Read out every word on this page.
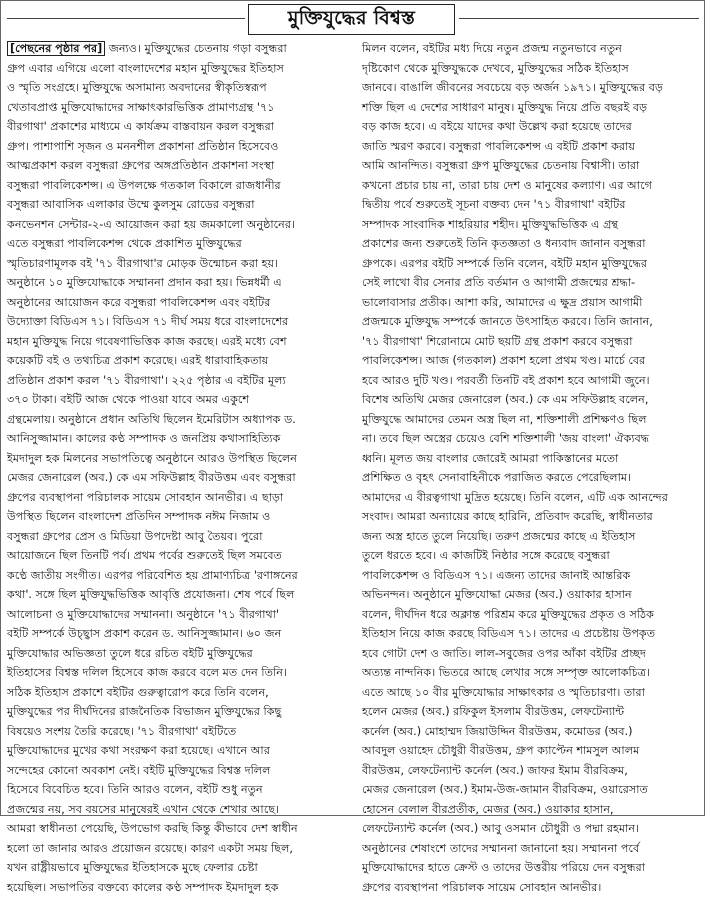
মুক্তিযুদ্ধের বিশ্বস্ত
[পেছনের পৃষ্ঠার পর] জন্যও। মুক্তিযুদ্ধের চেতনায় গড়া বসুন্ধরা
গ্রুপ এবার এগিয়ে এলো বাংলাদেশের মহান মুক্তিযুদ্ধের ইতিহাস
ও স্মৃতি সংগ্রহে। মুক্তিযুদ্ধে অসামান্য অবদানের স্বীকৃতিস্বরূপ
খেতাবপ্রাপ্ত মুক্তিযোদ্ধাদের সাক্ষাৎকারভিত্তিক প্রামাণ্যগ্রন্থ '৭১
বীরগাথা' প্রকাশের মাধ্যমে এ কার্যক্রম বাস্তবায়ন করল বসুন্ধরা
গ্রুপ। পাশাপাশি সৃজন ও মননশীল প্রকাশনা প্রতিষ্ঠান হিসেবেও
আত্মপ্রকাশ করল বসুন্ধরা গ্রুপের অঙ্গপ্রতিষ্ঠান প্রকাশনা সংস্থা
বসুন্ধরা পাবলিকেশন্স। এ উপলক্ষে গতকাল বিকালে রাজধানীর
বসুন্ধরা আবাসিক এলাকার উম্মে কুলসুম রোডের বসুন্ধরা
কনভেনশন সেন্টার-২-এ আয়োজন করা হয় জমকালো অনুষ্ঠানের।
এতে বসুন্ধরা পাবলিকেশন্স থেকে প্রকাশিত মুক্তিযুদ্ধের
স্মৃতিচারণামূলক বই '৭১ বীরগাথা'র মোড়ক উন্মোচন করা হয়।
অনুষ্ঠানে ১০ মুক্তিযোদ্ধাকে সম্মাননা প্রদান করা হয়। ভিন্নধর্মী এ
অনুষ্ঠানের আয়োজন করে বসুন্ধরা পাবলিকেশন্স এবং বইটির
উদ্যোক্তা বিডিএস ৭১। বিডিএস ৭১ দীর্ঘ সময় ধরে বাংলাদেশের
মহান মুক্তিযুদ্ধ নিয়ে গবেষণাভিত্তিক কাজ করছে। এরই মধ্যে বেশ
কয়েকটি বই ও তথ্যচিত্র প্রকাশ করেছে। এরই ধারাবাহিকতায়
প্রতিষ্ঠান প্রকাশ করল '৭১ বীরগাথা'। ২২৫ পৃষ্ঠার এ বইটির মূল্য
৩৭০ টাকা। বইটি আজ থেকে পাওয়া যাবে অমর একুশে
গ্রন্থমেলায়। অনুষ্ঠানে প্রধান অতিথি ছিলেন ইমেরিটাস অধ্যাপক ড.
আনিসুজ্জামান। কালের কণ্ঠ সম্পাদক ও জনপ্রিয় কথাসাহিত্যিক
ইমদাদুল হক মিলনের সভাপতিত্বে অনুষ্ঠানে আরও উপস্থিত ছিলেন
মেজর জেনারেল (অব.) কে এম সফিউল্লাহ বীরউত্তম এবং বসুন্ধরা
গ্রুপের ব্যবস্থাপনা পরিচালক সায়েম সোবহান আনভীর। এ ছাড়া
উপস্থিত ছিলেন বাংলাদেশ প্রতিদিন সম্পাদক নঈম নিজাম ও
বসুন্ধরা গ্রুপের প্রেস ও মিডিয়া উপদেষ্টা আবু তৈয়ব। পুরো
আয়োজনে ছিল তিনটি পর্ব। প্রথম পর্বের শুরুতেই ছিল সমবেত
কণ্ঠে জাতীয় সংগীত। এরপর পরিবেশিত হয় প্রামাণ্যচিত্র 'রণাঙ্গনের
কথা'. সঙ্গে ছিল মুক্তিযুদ্ধভিত্তিক আবৃত্তি প্রযোজনা। শেষ পর্বে ছিল
আলোচনা ও মুক্তিযোদ্ধাদের সম্মাননা। অনুষ্ঠানে '৭১ বীরগাথা'
বইটি সম্পর্কে উচ্ছ্বাস প্রকাশ করেন ড. আনিসুজ্জামান। ৬০ জন
মুক্তিযোদ্ধার অভিজ্ঞতা তুলে ধরে রচিত বইটি মুক্তিযুদ্ধের
ইতিহাসের বিশ্বস্ত দলিল হিসেবে কাজ করবে বলে মত দেন তিনি।
সঠিক ইতিহাস প্রকাশে বইটির গুরুত্বারোপ করে তিনি বলেন,
মুক্তিযুদ্ধের পর দীর্ঘদিনের রাজনৈতিক বিভাজন মুক্তিযুদ্ধের কিছু
বিষয়েও সংশয় তৈরি করেছে। '৭১ বীরগাথা' বইটিতে
মুক্তিযোদ্ধাদের মুখের কথা সংরক্ষণ করা হয়েছে। এখানে আর
সন্দেহের কোনো অবকাশ নেই। বইটি মুক্তিযুদ্ধের বিশ্বস্ত দলিল
হিসেবে বিবেচিত হবে। তিনি আরও বলেন, বইটি শুধু নতুন
প্রজন্মের নয়, সব বয়সের মানুষেরই এখান থেকে শেখার আছে।
আমরা স্বাধীনতা পেয়েছি, উপভোগ করছি কিন্তু কীভাবে দেশ স্বাধীন
হলো তা জানার আরও প্রয়োজন রয়েছে। কারণ একটা সময় ছিল,
যখন রাষ্ট্রীয়ভাবে মুক্তিযুদ্ধের ইতিহাসকে মুছে ফেলার চেষ্টা
হয়েছিল। সভাপতির বক্তব্যে কালের কণ্ঠ সম্পাদক ইমদাদুল হক
মিলন বলেন, বইটির মধ্য দিয়ে নতুন প্রজন্ম নতুনভাবে নতুন
দৃষ্টিকোণ থেকে মুক্তিযুদ্ধকে দেখবে, মুক্তিযুদ্ধের সঠিক ইতিহাস
জানবে। বাঙালি জীবনের সবচেয়ে বড় অর্জন ১৯৭১। মুক্তিযুদ্ধের বড়
শক্তি ছিল এ দেশের সাধারণ মানুষ। মুক্তিযুদ্ধ নিয়ে প্রতি বছরই বড়
বড় কাজ হবে। এ বইয়ে যাদের কথা উল্লেখ করা হয়েছে তাদের
জাতি স্মরণ করবে। বসুন্ধরা পাবলিকেশন্স এ বইটি প্রকাশ করায়
আমি আনন্দিত। বসুন্ধরা গ্রুপ মুক্তিযুদ্ধের চেতনায় বিশ্বাসী। তারা
কখনো প্রচার চায় না, তারা চায় দেশ ও মানুষের কল্যাণ। এর আগে
দ্বিতীয় পর্বে শুরুতেই সূচনা বক্তব্য দেন '৭১ বীরগাথা' বইটির
সম্পাদক সাংবাদিক শাহরিয়ার শহীদ। মুক্তিযুদ্ধভিত্তিক এ গ্রন্থ
প্রকাশের জন্য শুরুতেই তিনি কৃতজ্ঞতা ও ধন্যবাদ জানান বসুন্ধরা
গ্রুপকে। এরপর বইটি সম্পর্কে তিনি বলেন, বইটি মহান মুক্তিযুদ্ধের
সেই লাখো বীর সেনার প্রতি বর্তমান ও আগামী প্রজন্মের শ্রদ্ধা-
ভালোবাসার প্রতীক। আশা করি, আমাদের এ ক্ষুদ্র প্রয়াস আগামী
প্রজন্মকে মুক্তিযুদ্ধ সম্পর্কে জানতে উৎসাহিত করবে। তিনি জানান,
'৭১ বীরগাথা' শিরোনামে মোট ছয়টি গ্রন্থ প্রকাশ করবে বসুন্ধরা
পাবলিকেশন্স। আজ (গতকাল) প্রকাশ হলো প্রথম খণ্ড। মার্চে বের
হবে আরও দুটি খণ্ড। পরবর্তী তিনটি বই প্রকাশ হবে আগামী জুনে।
বিশেষ অতিথি মেজর জেনারেল (অব.) কে এম সফিউল্লাহ বলেন,
মুক্তিযুদ্ধে আমাদের তেমন অস্ত্র ছিল না, শক্তিশালী প্রশিক্ষণও ছিল
না। তবে ছিল অস্ত্রের চেয়েও বেশি শক্তিশালী 'জয় বাংলা' ঐক্যবদ্ধ
ধ্বনি। মূলত জয় বাংলার জোরেই আমরা পাকিস্তানের মতো
প্রশিক্ষিত ও বৃহৎ সেনাবাহিনীকে পরাজিত করতে পেরেছিলাম।
আমাদের এ বীরত্বগাথা মুদ্রিত হয়েছে। তিনি বলেন, এটি এক আনন্দের
সংবাদ। আমরা অন্যায়ের কাছে হারিনি, প্রতিবাদ করেছি, স্বাধীনতার
জন্য অস্ত্র হাতে তুলে নিয়েছি। তরুণ প্রজন্মের কাছে এ ইতিহাস
তুলে ধরতে হবে। এ কাজটিই নিষ্ঠার সঙ্গে করেছে বসুন্ধরা
পাবলিকেশন্স ও বিডিএস ৭১। এজন্য তাদের জানাই আন্তরিক
অভিনন্দন। অনুষ্ঠানে মুক্তিযোদ্ধা মেজর (অব.) ওয়াকার হাসান
বলেন, দীর্ঘদিন ধরে অক্লান্ত পরিশ্রম করে মুক্তিযুদ্ধের প্রকৃত ও সঠিক
ইতিহাস নিয়ে কাজ করছে বিডিএস ৭১। তাদের এ প্রচেষ্টায় উপকৃত
হবে গোটা দেশ ও জাতি। লাল-সবুজের ওপর আঁকা বইটির প্রচ্ছদ
অত্যন্ত নান্দনিক। ভিতরে আছে লেখার সঙ্গে সম্পৃক্ত আলোকচিত্র।
এতে আছে ১০ বীর মুক্তিযোদ্ধার সাক্ষাৎকার ও স্মৃতিচারণা। তারা
হলেন মেজর (অব.) রফিকুল ইসলাম বীরউত্তম, লেফটেন্যান্ট
কর্নেল (অব.) মোহাম্মদ জিয়াউদ্দিন বীরউত্তম, কমোডর (অব.)
আবদুল ওয়াহেদ চৌধুরী বীরউত্তম, গ্রুপ ক্যাপ্টেন শামসুল আলম
বীরউত্তম, লেফটেন্যান্ট কর্নেল (অব.) জাফর ইমাম বীরবিক্রম,
মেজর জেনারেল (অব.) ইমাম-উজ-জামান বীরবিক্রম, ওয়ারেসাত
হোসেন বেলাল বীরপ্রতীক, মেজর (অব.) ওয়াকার হাসান,
লেফটেন্যান্ট কর্নেল (অব.) আবু ওসমান চৌধুরী ও পদ্মা রহমান।
অনুষ্ঠানের শেষাংশে তাদের সম্মাননা জানানো হয়। সম্মাননা পর্বে
মুক্তিযোদ্ধাদের হাতে ক্রেস্ট ও তাদের উত্তরীয় পরিয়ে দেন বসুন্ধরা
গ্রুপের ব্যবস্থাপনা পরিচালক সায়েম সোবহান আনভীর।
